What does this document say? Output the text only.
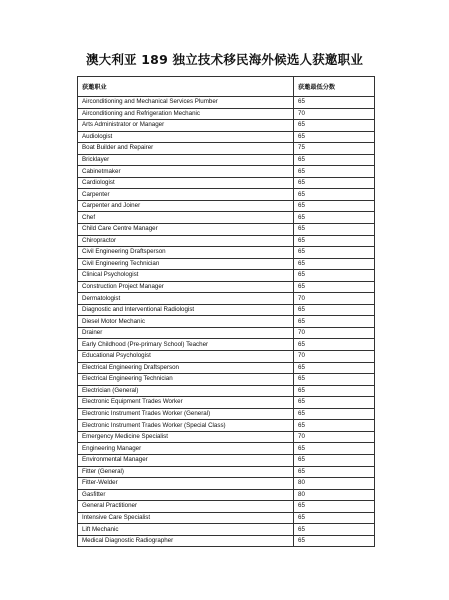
澳大利亚 189 独立技术移民海外候选人获邀职业
获邀职业	获邀最低分数
Airconditioning and Mechanical Services Plumber	65
Airconditioning and Refrigeration Mechanic	70
Arts Administrator or Manager	65
Audiologist	65
Boat Builder and Repairer	75
Bricklayer	65
Cabinetmaker	65
Cardiologist	65
Carpenter	65
Carpenter and Joiner	65
Chef	65
Child Care Centre Manager	65
Chiropractor	65
Civil Engineering Draftsperson	65
Civil Engineering Technician	65
Clinical Psychologist	65
Construction Project Manager	65
Dermatologist	70
Diagnostic and Interventional Radiologist	65
Diesel Motor Mechanic	65
Drainer	70
Early Childhood (Pre-primary School) Teacher	65
Educational Psychologist	70
Electrical Engineering Draftsperson	65
Electrical Engineering Technician	65
Electrician (General)	65
Electronic Equipment Trades Worker	65
Electronic Instrument Trades Worker (General)	65
Electronic Instrument Trades Worker (Special Class)	65
Emergency Medicine Specialist	70
Engineering Manager	65
Environmental Manager	65
Fitter (General)	65
Fitter-Welder	80
Gasfitter	80
General Practitioner	65
Intensive Care Specialist	65
Lift Mechanic	65
Medical Diagnostic Radiographer	65
